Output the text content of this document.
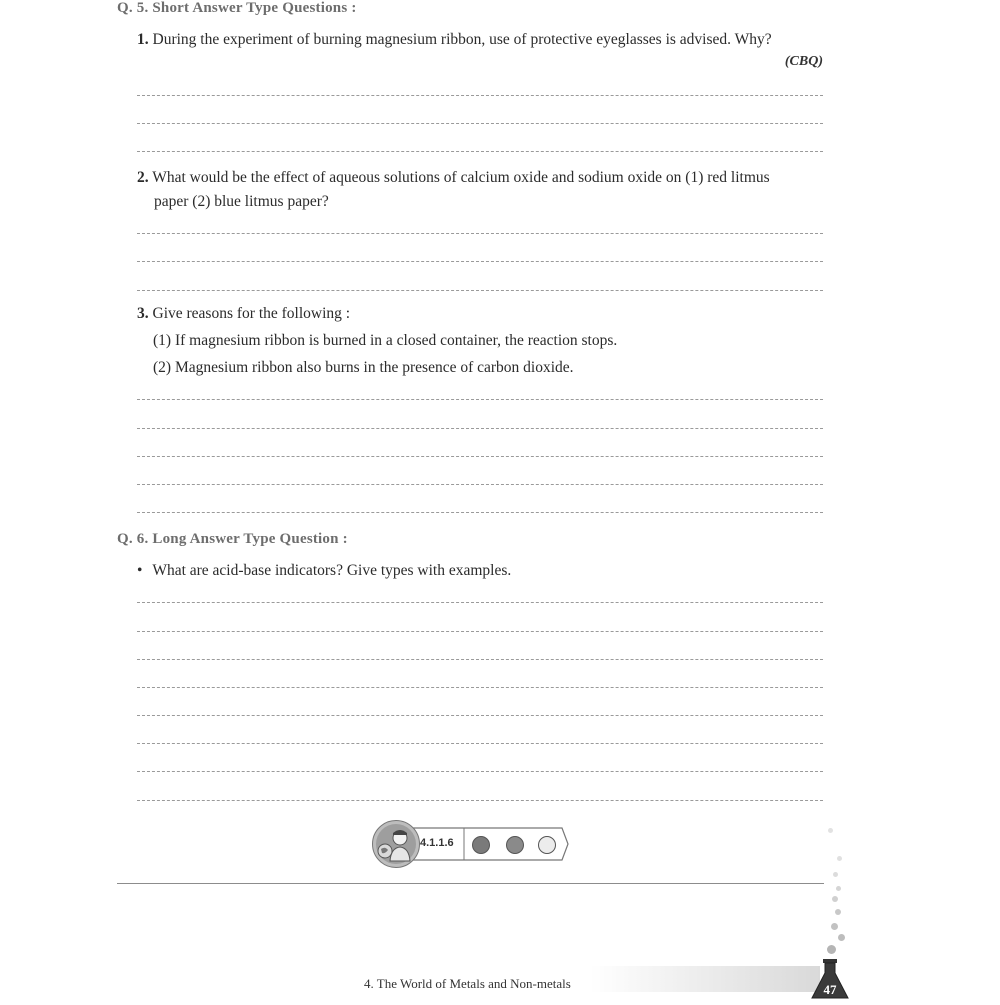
Q. 5. Short Answer Type Questions :
1. During the experiment of burning magnesium ribbon, use of protective eyeglasses is advised. Why?
(CBQ)
2. What would be the effect of aqueous solutions of calcium oxide and sodium oxide on (1) red litmus
paper (2) blue litmus paper?
3. Give reasons for the following :
(1) If magnesium ribbon is burned in a closed container, the reaction stops.
(2) Magnesium ribbon also burns in the presence of carbon dioxide.
Q. 6. Long Answer Type Question :
• What are acid-base indicators? Give types with examples.
4.1.1.6
4. The World of Metals and Non-metals	47
